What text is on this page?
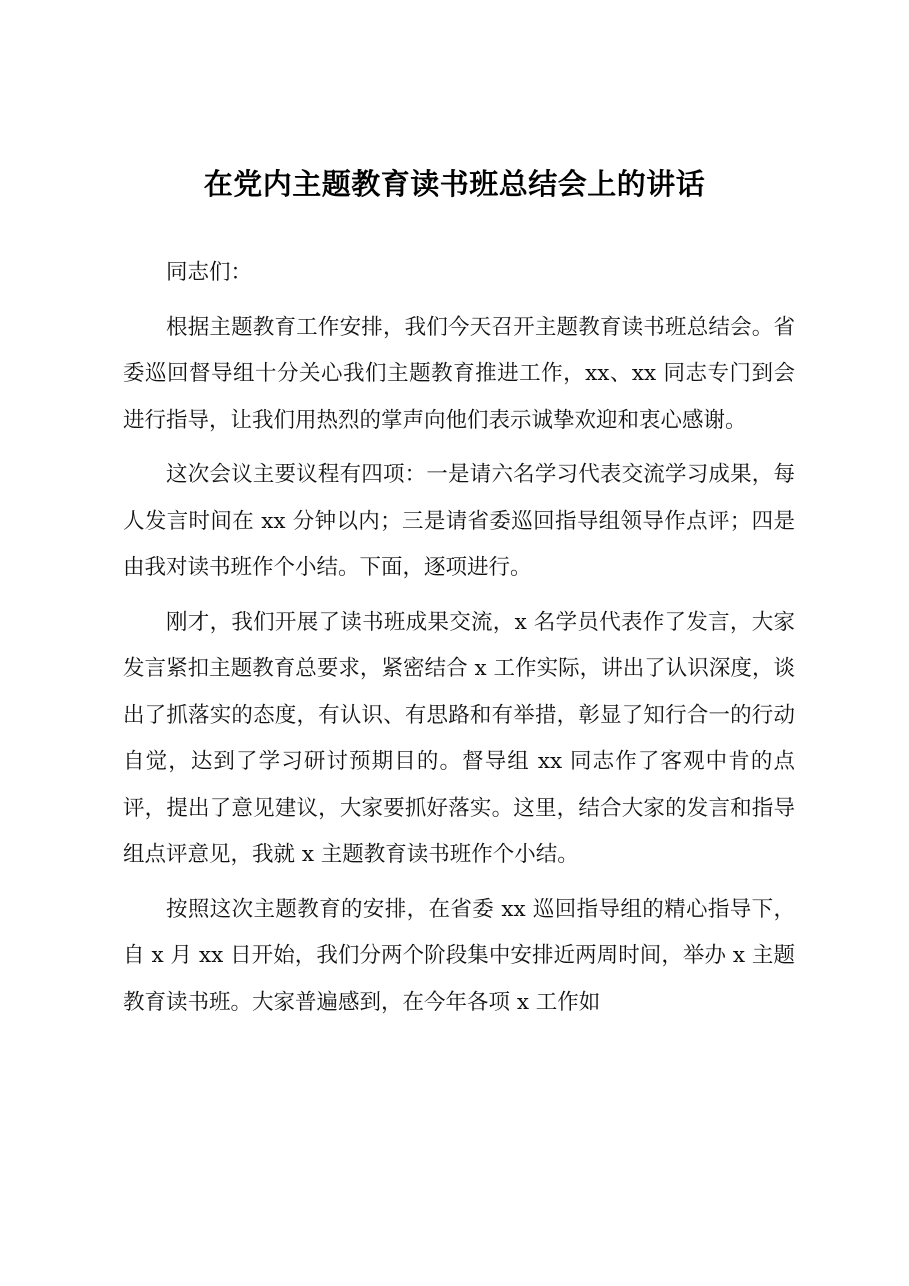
在党内主题教育读书班总结会上的讲话

同志们：

根据主题教育工作安排，我们今天召开主题教育读书班总结会。省委巡回督导组十分关心我们主题教育推进工作，xx、xx 同志专门到会进行指导，让我们用热烈的掌声向他们表示诚挚欢迎和衷心感谢。

这次会议主要议程有四项：一是请六名学习代表交流学习成果，每人发言时间在 xx 分钟以内；三是请省委巡回指导组领导作点评；四是由我对读书班作个小结。下面，逐项进行。

刚才，我们开展了读书班成果交流，x 名学员代表作了发言，大家发言紧扣主题教育总要求，紧密结合 x 工作实际，讲出了认识深度，谈出了抓落实的态度，有认识、有思路和有举措，彰显了知行合一的行动自觉，达到了学习研讨预期目的。督导组 xx 同志作了客观中肯的点评，提出了意见建议，大家要抓好落实。这里，结合大家的发言和指导组点评意见，我就 x 主题教育读书班作个小结。

按照这次主题教育的安排，在省委 xx 巡回指导组的精心指导下，自 x 月 xx 日开始，我们分两个阶段集中安排近两周时间，举办 x 主题教育读书班。大家普遍感到，在今年各项 x 工作如
